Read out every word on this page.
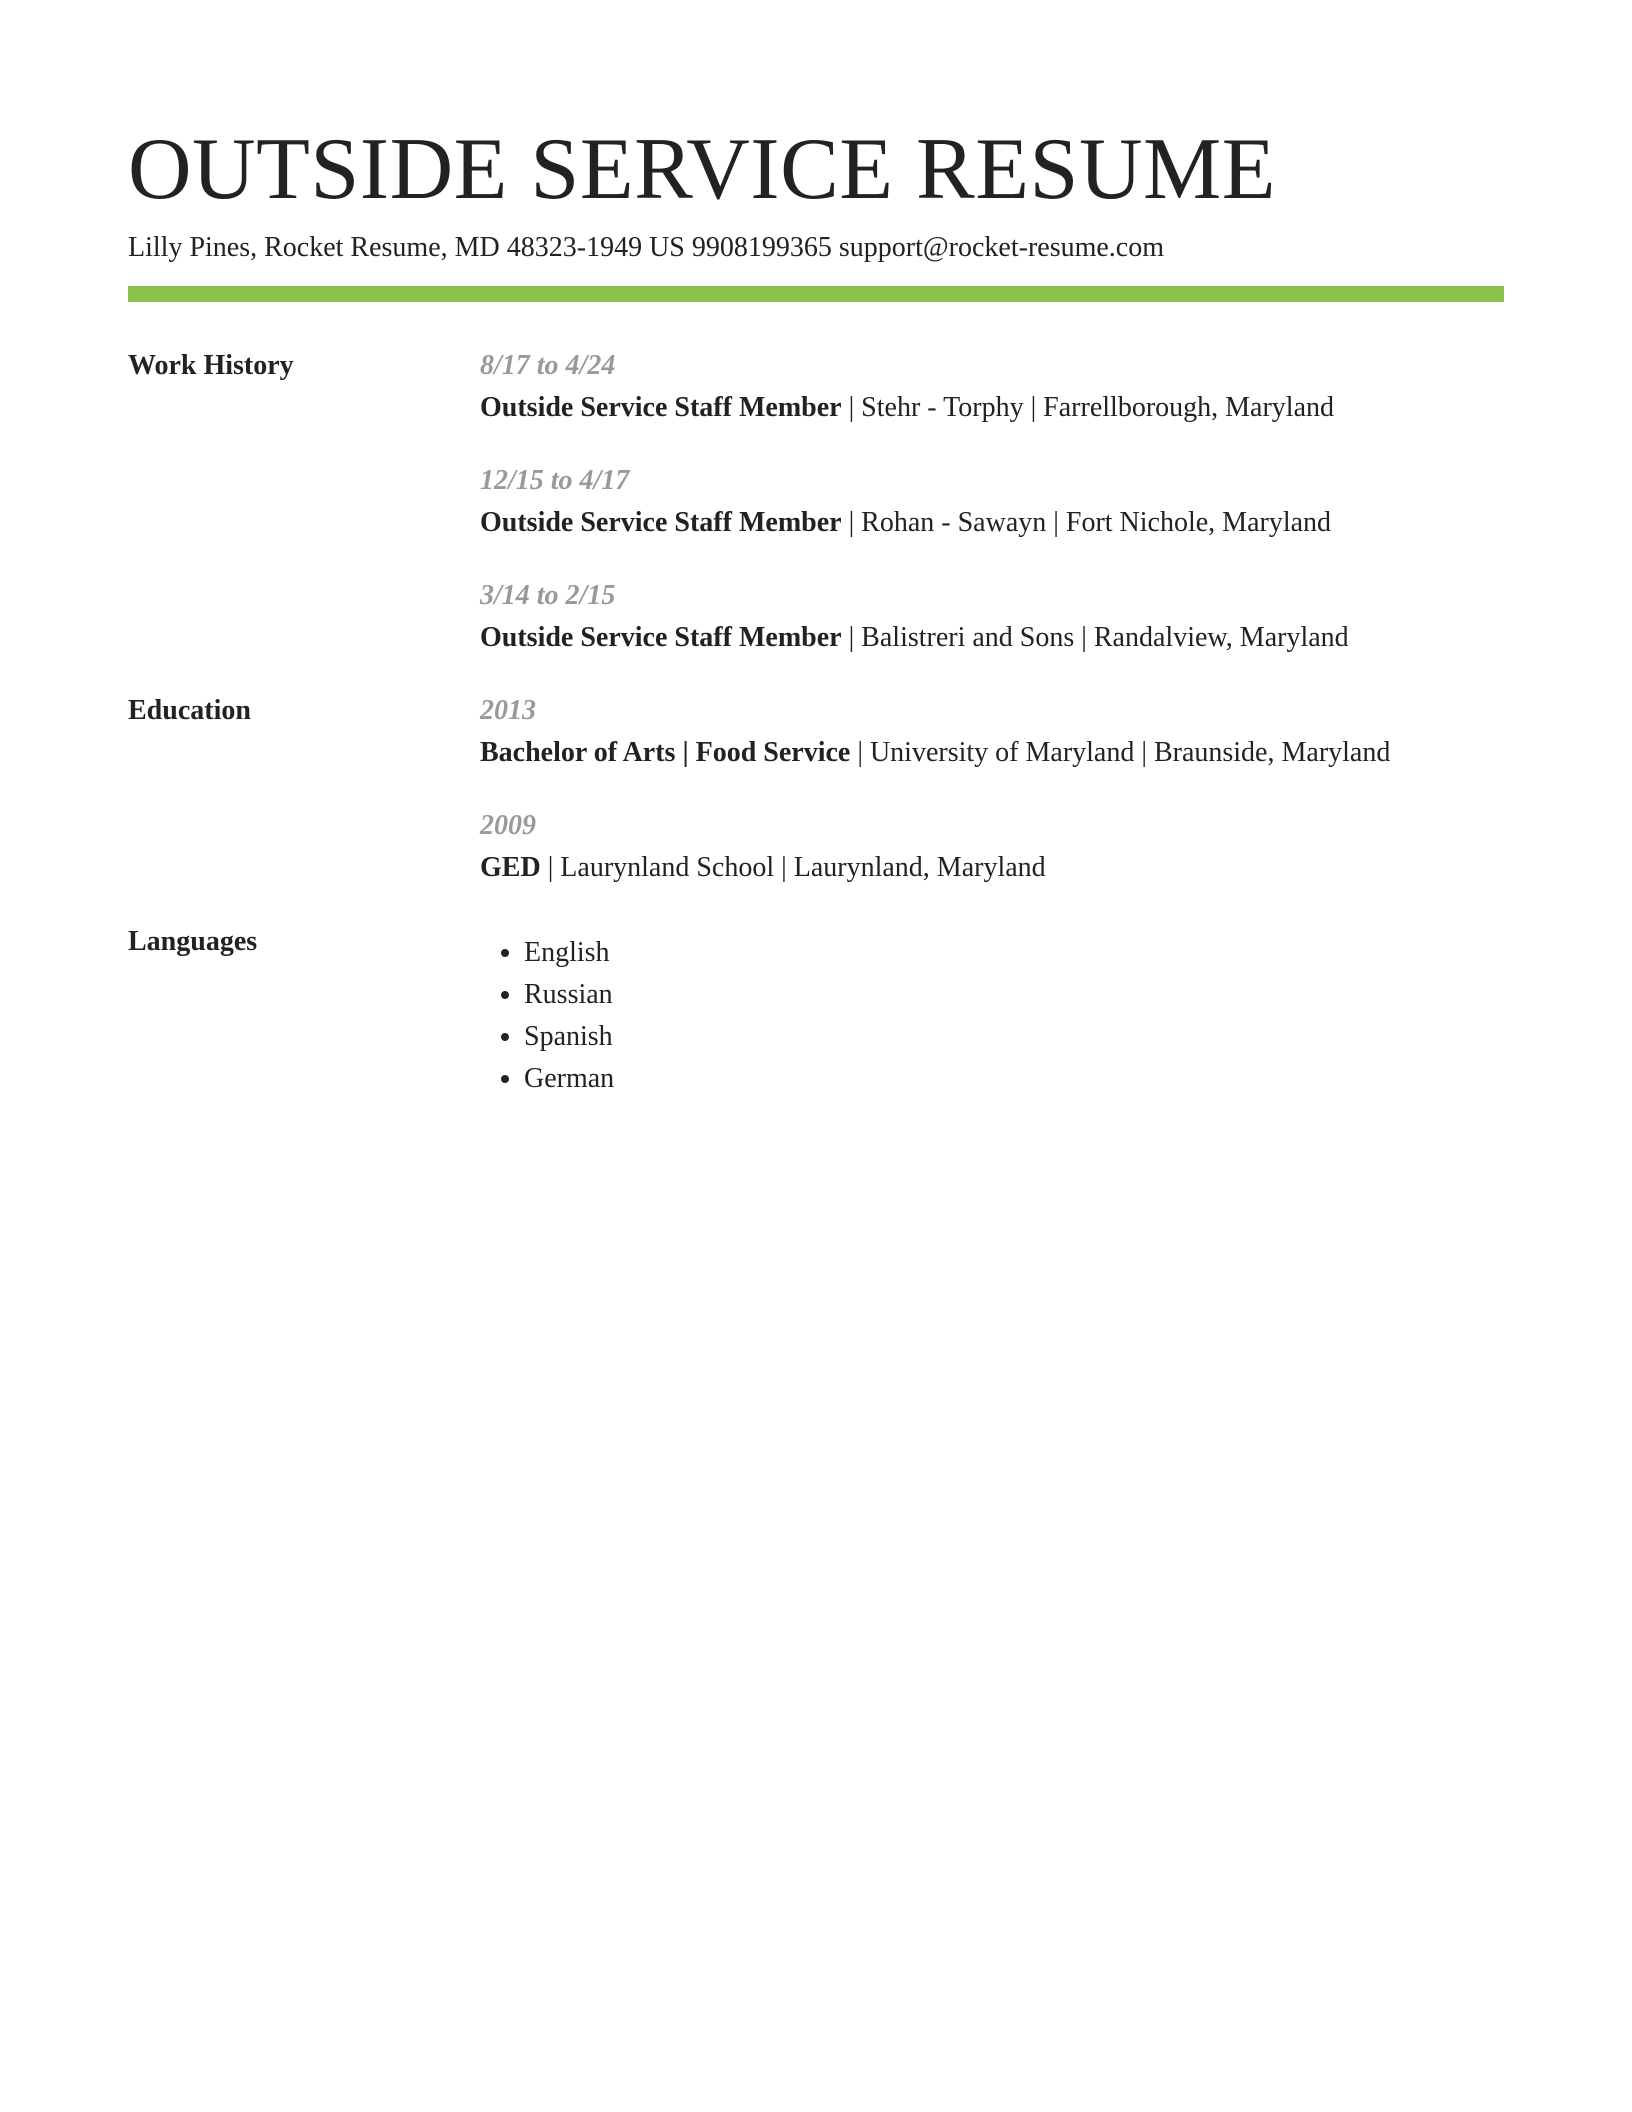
OUTSIDE SERVICE RESUME
Lilly Pines, Rocket Resume, MD 48323-1949 US 9908199365 support@rocket-resume.com
Work History	8/17 to 4/24
Outside Service Staff Member | Stehr - Torphy | Farrellborough, Maryland
12/15 to 4/17
Outside Service Staff Member | Rohan - Sawayn | Fort Nichole, Maryland
3/14 to 2/15
Outside Service Staff Member | Balistreri and Sons | Randalview, Maryland
Education	2013
Bachelor of Arts | Food Service | University of Maryland | Braunside, Maryland
2009
GED | Laurynland School | Laurynland, Maryland
Languages
•	English
• Russian
• Spanish
• German
